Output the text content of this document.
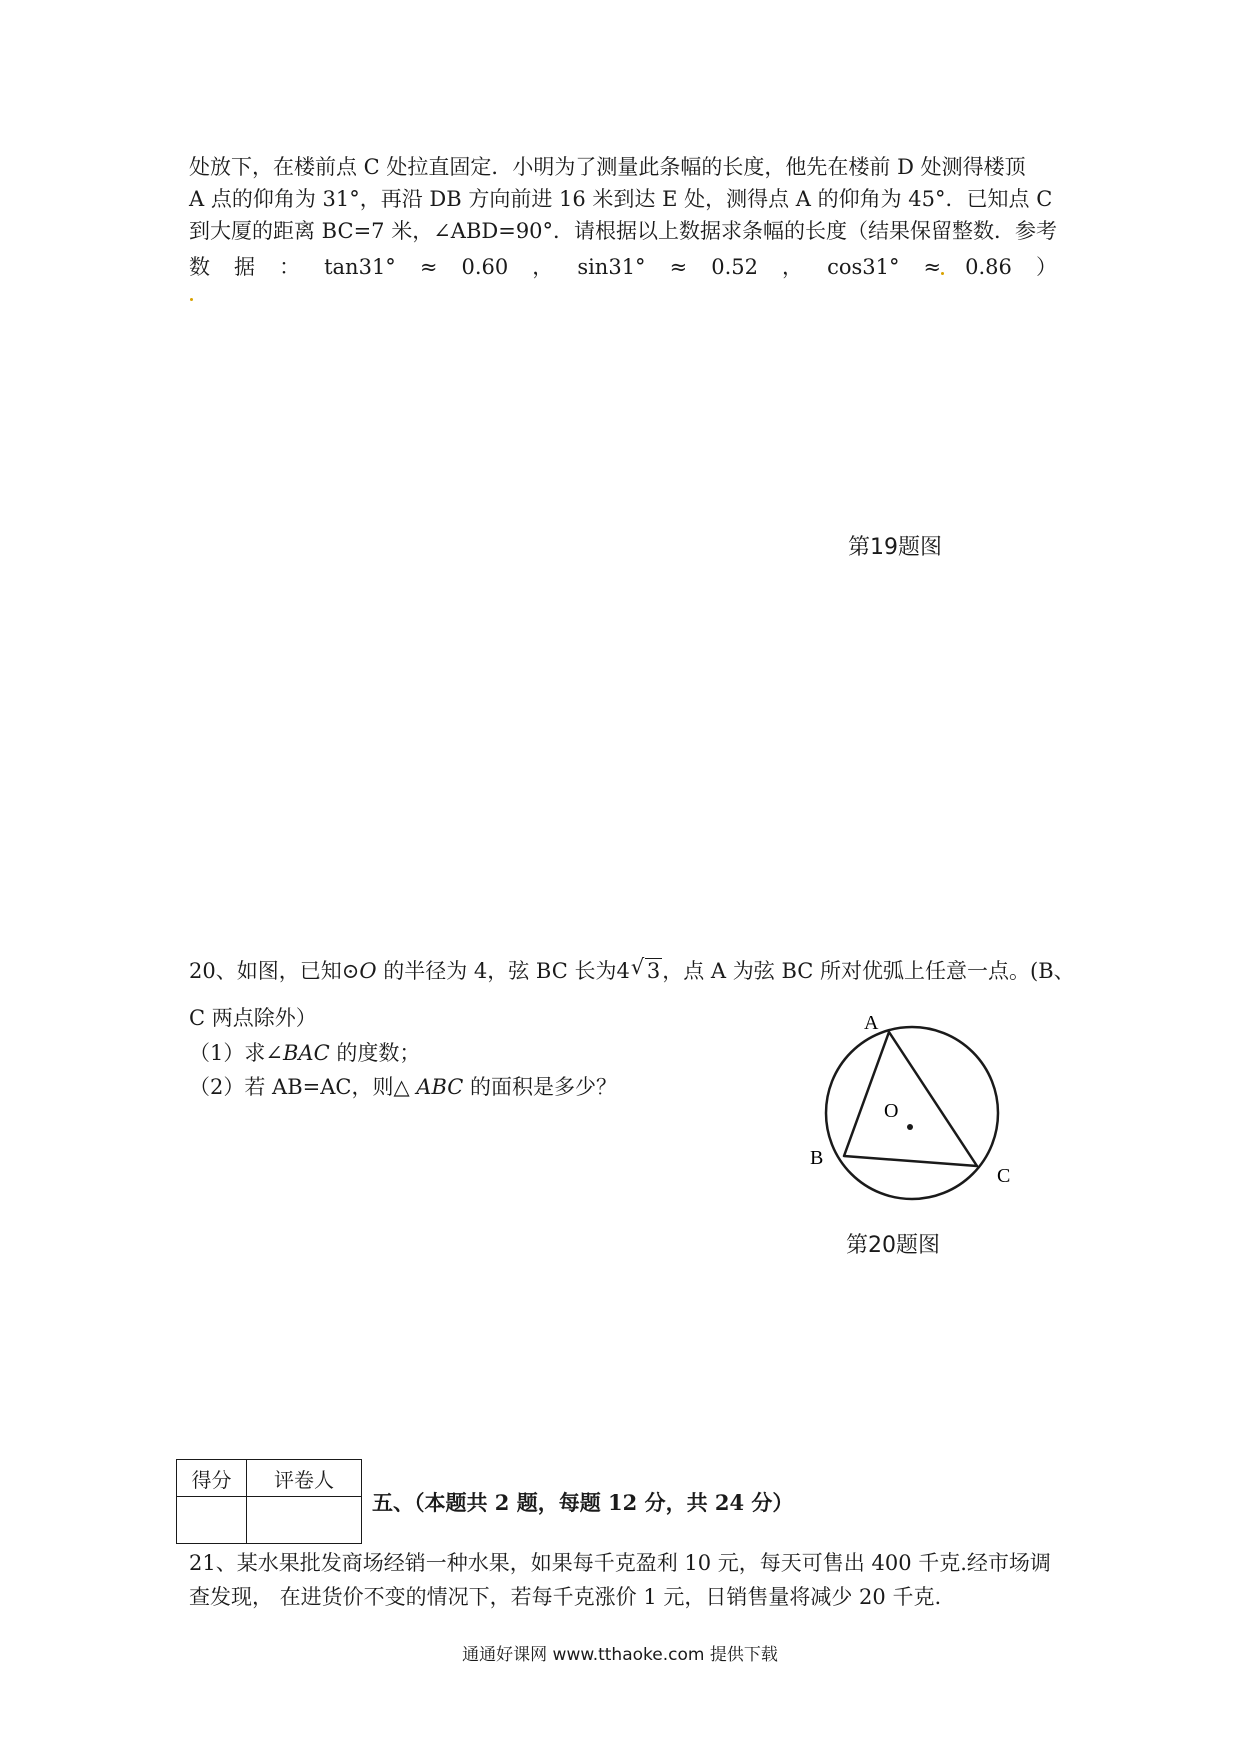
处放下，在楼前点 C 处拉直固定．小明为了测量此条幅的长度，他先在楼前 D 处测得楼顶
A 点的仰角为 31°，再沿 DB 方向前进 16 米到达 E 处，测得点 A 的仰角为 45°．已知点 C
到大厦的距离 BC=7 米，∠ABD=90°．请根据以上数据求条幅的长度（结果保留整数．参考
数 据 ： tan31° ≈ 0.60 ， sin31° ≈ 0.52 ， cos31° ≈ 0.86 ）
第19题图
20、如图，已知⊙O 的半径为 4，弦 BC 长为4 √ 3，点 A 为弦 BC 所对优弧上任意一点。(B、
C 两点除外）
（1）求∠BAC 的度数；
（2）若 AB=AC，则△ ABC 的面积是多少？
A
B
C
O
第20题图
得分	评卷人

五、（本题共 2 题，每题 12 分，共 24 分）
21、某水果批发商场经销一种水果，如果每千克盈利 10 元，每天可售出 400 千克.经市场调
查发现， 在进货价不变的情况下，若每千克涨价 1 元，日销售量将减少 20 千克.
通通好课网 www.tthaoke.com 提供下载
